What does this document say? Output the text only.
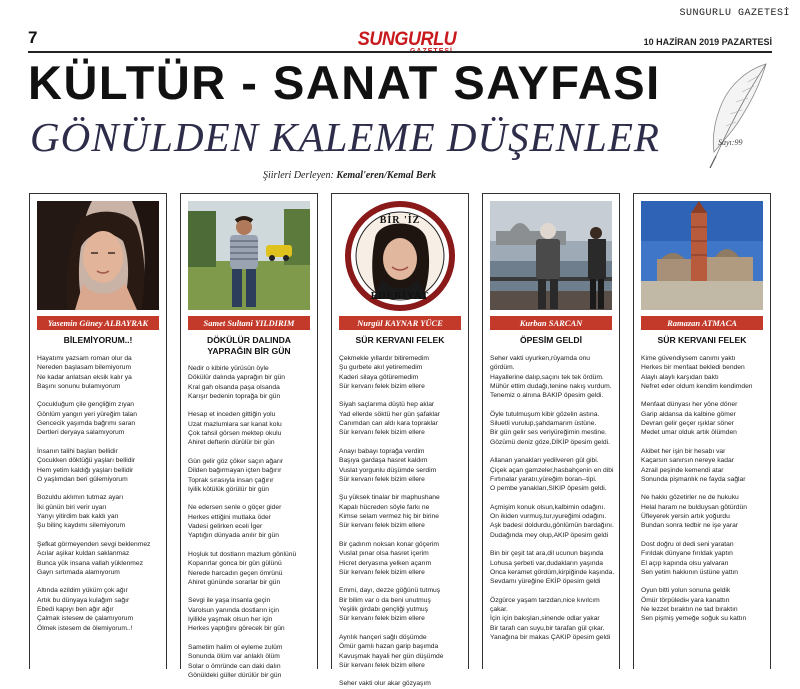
SUNGURLU GAZETESİ
7	SUNGURLU	10 HAZİRAN 2019 PAZARTESİ
KÜLTÜR - SANAT SAYFASI
GÖNÜLDEN KALEME DÜŞENLER	Sayı:99
Şiirleri Derleyen: Kemal'eren/Kemal Berk
Yasemin Güney ALBAYRAK
BİLEMİYORUM..!
Hayatımı yazsam roman olur da
Nereden başlasam bilemiyorum
Ne kadar anlatsan eksik kalır ya
Başını sonunu bulamıyorum

Çocukluğum çile gençliğim zıyan
Gönlüm yangın yeri yüreğim talan
Gencecik yaşımda bağrımı saran
Dertleri deryaya salamıyorum

İnsanın talihi başları bellidir
Çocukken döktüğü yaşları bellidir
Hem yetim kaldığı yaşları bellidir
O yaşlımdan beri gülemiyorum

Bozuldu aklımın tutmaz ayarı
İki günün biri verir uyarı
Yarıyı yitirdim bak kaldı yarı
Şu bilinç kaydımı silemiyorum

Şefkat görmeyenden sevgi beklenmez
Acılar aşikar kuldan saklanmaz
Bunca yük insana vallah yüklenmez
Gayrı sırtımada alamıyorum

Altında ezildim yüküm çok ağır
Artık bu dünyaya kulağım sağır
Ebedi kapıyı ben ağır ağır
Çalmak isteseм de çalamıyorum
Ölmek istesem de ölemiyorum..!
Samet Sultani YILDIRIM
DÖKÜLÜR DALINDA YAPRAĞIN BİR GÜN
Nedir o kibirle yürüsün öyle
Dökülür dalında yaprağın bir gün
Kral gah olsanda paşa olsanda
Karışır bedenin toprağa bir gün

Hesap et inceden gittiğin yolu
Uzat mazlumlara sar kanat kolu
Çok tahsil görsen mektep okulu
Ahiret defterin dürülür bir gün

Gün gelir göz çöker saçın ağarır
Dilden bağırmayan içten bağırır
Toprak sırasıyla insan çağırır
Iyilik kötülük görülür bir gün

Ne edersen senle o göçer gider
Herkes ettiğini mutlaka öder
Vadesi gelirken eceli İger
Yaptığın dünyada anılır bir gün

Hoşluk tut dostların mazlum gönlünü
Koparırlar gonca bir gün gülünü
Nerede harcadın geçen ömrünü
Ahiret gününde sorarlar bir gün

Sevgi ile yaşa insanla geçin
Varolsun yanında dostların için
Iyilikle yaşmak olsun her için
Herkes yaptığını görecek bir gün

Sametim halim ol eyleme zulüm
Sonunda ölüm var anlaklı ölüm
Solar o ömründe can daki dalın
Gönüldeki güller dürülür bir gün
BİR 'İZ
EDEBİYAT
Nurgül KAYNAR YÜCE
SÜR KERVANI FELEK
Çekmekle yıllardır bitiremedim
Şu gurbete akıl yetiremedim
Kaderi silaya götüremedim
Sür kervanı felek bizim ellere

Siyah saçlarıma düştü hep aklar
Yad ellerde söktü her gün şafaklar
Canımdan can aldı kara topraklar
Sür kervanı felek bizim ellere

Anayı babayı toprağa verdim
Başıya gardaşa hasret kaldım
Vuslat yorgunlu düşümde serdim
Sür kervanı felek bizim ellere

Şu yüksek tinalar bir maphushane
Kapalı hücreden söyle farkı ne
Kimse selam vermez hiç bir birine
Sür kervanı felek bizim ellere

Bir çadırım noksan konar göçerim
Vuslat pınar olsa hasret içerim
Hicret deryasına yelken açarım
Sür kervanı felek bizim ellere

Emmi, dayı, dezze göğünü tutmuş
Bir bilim var o da beni unutmuş
Yeşilik girdabı gençliği yutmuş
Sür kervanı felek bizim ellere

Ayrılık hançeri sağlı döşümde
Ömür gamlı hazan garip başımda
Kavuşmak hayali her gün düşümde
Sür kervanı felek bizim ellere

Seher vakti olur akar gözyaşım
Kurban SARCAN
ÖPESİM GELDİ
Seher vakti uyurken,rüyamda onu gördüm.
Hayallerine dalıp,saçını tek tek ördüm.
Mühür ettim dudağı,tenine nakış vurdum.
Tenemiz o alnına BAKIP öpesim geldi.

Öyle tutulmuşum kibir gözelin astına.
Siluetli vurulup,şahdamarım üstüne.
Bir gün gelir ses veriyüreğimin mestine.
Gözümü deniz gözе,DİKİP öpesim geldi.

Allanan yanakları yedilveren gül gibi.
Çiçek açan gamzeler,hasbahçenin en dibi
Fırtınalar yaratıı,yüreğim boran--tipi.
O pembe yanakları,SIKIP öpesim geldi.

Açmişim konuk olsun,kalbimin odağını.
On ikiden vurmuş,tur,ıyureğimi odağını.
Aşk badesi doldurdu,gönlümün bardağını.
Dudağında mey olup,AKIP öpesim geldi

Bin bir çeşit tat ara,dil ucunun başında
Lohusa şerbeti var,dudakların yaşında
Onca keramet gördüm,kirpiğinde kaşında.
Sevdamı yüreğine EKİP öpesim geldi

Özgürce yaşam tarzdan,nice kıvılcım çakar.
İçin için bakışları,sinende odlar yakar
Bir tarafı can suyu,bir tarafan gül çıkar.
Yanağına bir makas ÇAKIP öpesim geldi
Ramazan ATMACA
SÜR KERVANI FELEK
Kime güvendiysem canımı yaktı
Herkes bir menfaat bekledi benden
Alaylı alaylı karşıdan baktı
Nefret eder oldum kendim kendimden

Menfaat dünyası her yöne döner
Garip aldansa da kalbine gömer
Devran gelir geçer ışıklar söner
Medet umar olduk artık ölümden

Akibet her işin bir hesabı var
Kaçarsın sanırsın nereye kadar
Azrail peşinde kemendi atar
Sonunda pişmanlık ne fayda sağlar

Ne hakkı gözetirler ne de hukuku
Helal haram ne bulduysan götürdün
Üfleyerek yersin artık yoğurdu
Bundan sonra tedbir ne işe yarar

Dost doğru ol dedi seni yaratan
Fırıldak dünyane fırıldak yaptın
El açıp kapında olsu yalvaran
Sen yetim hakkının üstüne yattın

Oyun bitti yolun sonuna geldik
Ömür törpülediн yara kanattın
Ne lezzet bıraktın ne tad bıraktın
Sen pişmiş yemeğe soğuk su kattın
